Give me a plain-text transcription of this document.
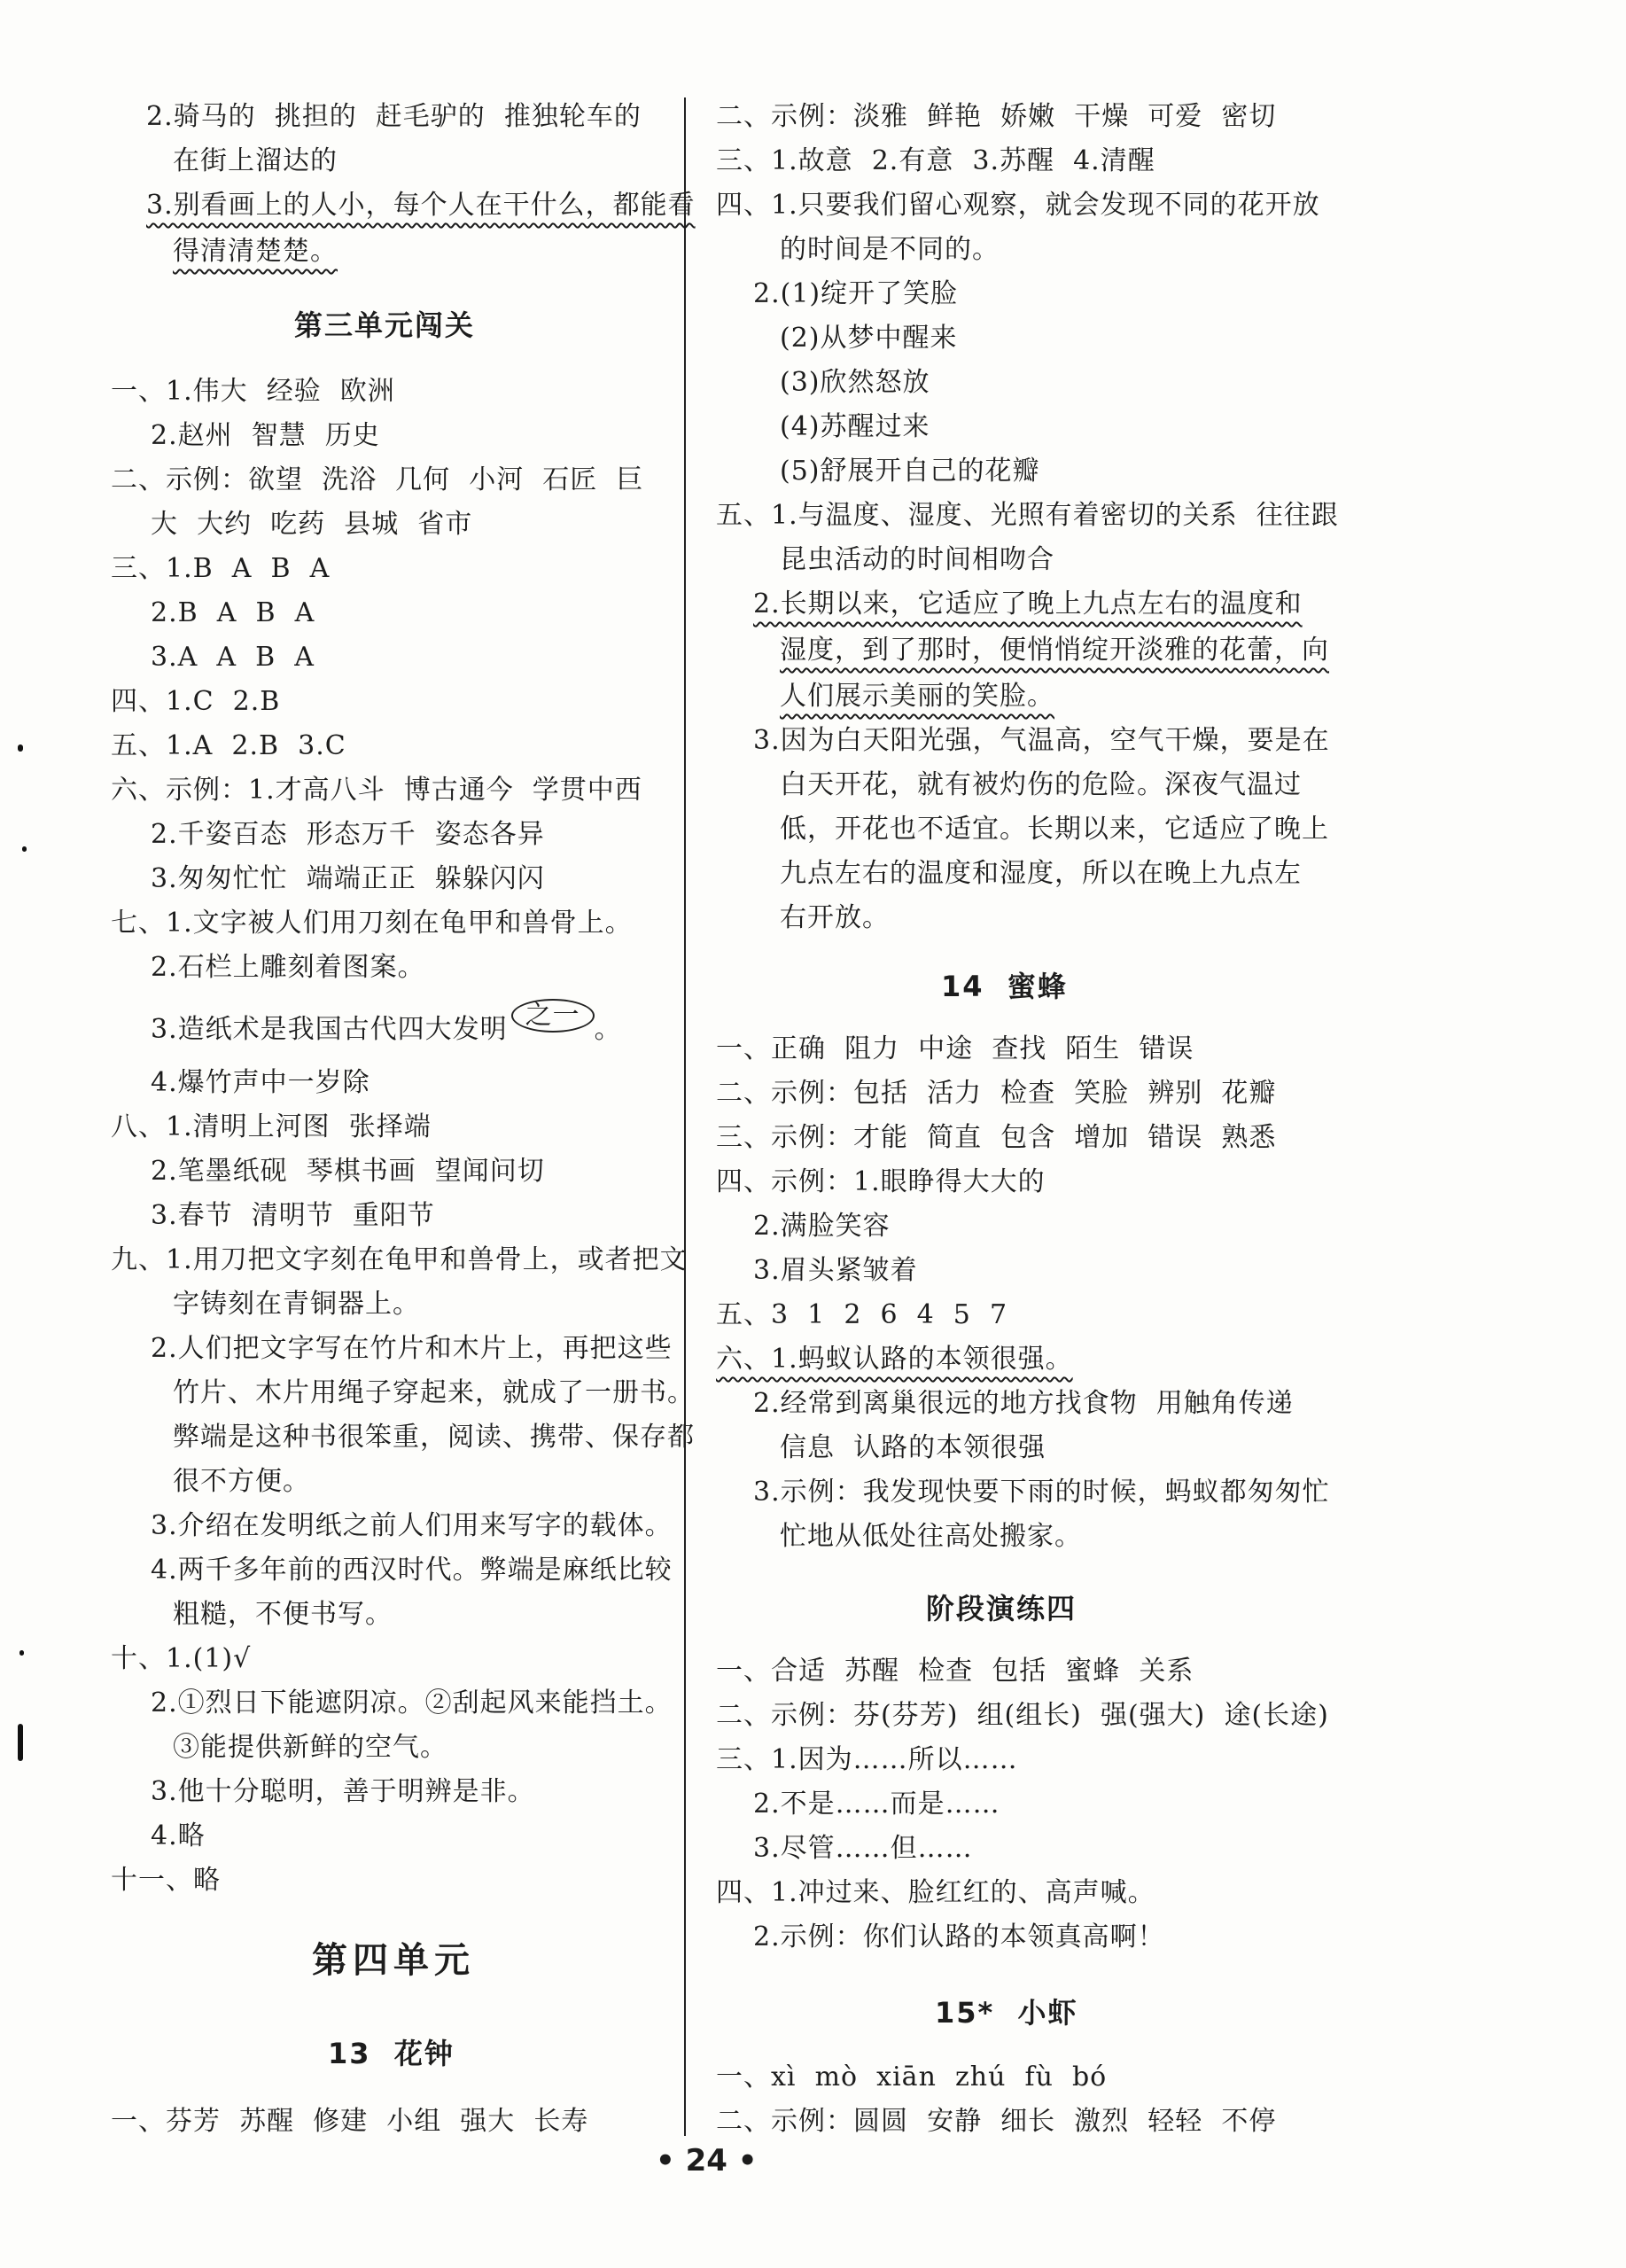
2.骑马的  挑担的  赶毛驴的  推独轮车的
在街上溜达的
3.别看画上的人小，每个人在干什么，都能看
得清清楚楚。
第三单元闯关
一、1.伟大  经验  欧洲
2.赵州  智慧  历史
二、示例：欲望  洗浴  几何  小河  石匠  巨
大  大约  吃药  县城  省市
三、1.B  A  B  A
2.B  A  B  A
3.A  A  B  A
四、1.C  2.B
五、1.A  2.B  3.C
六、示例：1.才高八斗  博古通今  学贯中西
2.千姿百态  形态万千  姿态各异
3.匆匆忙忙  端端正正  躲躲闪闪
七、1.文字被人们用刀刻在龟甲和兽骨上。
2.石栏上雕刻着图案。
3.造纸术是我国古代四大发明 之一 。
4.爆竹声中一岁除
八、1.清明上河图  张择端
2.笔墨纸砚  琴棋书画  望闻问切
3.春节  清明节  重阳节
九、1.用刀把文字刻在龟甲和兽骨上，或者把文
字铸刻在青铜器上。
2.人们把文字写在竹片和木片上，再把这些
竹片、木片用绳子穿起来，就成了一册书。
弊端是这种书很笨重，阅读、携带、保存都
很不方便。
3.介绍在发明纸之前人们用来写字的载体。
4.两千多年前的西汉时代。弊端是麻纸比较
粗糙，不便书写。
十、1.(1)√
2.①烈日下能遮阴凉。②刮起风来能挡土。
③能提供新鲜的空气。
3.他十分聪明，善于明辨是非。
4.略
十一、略
第四单元
13  花钟
一、芬芳  苏醒  修建  小组  强大  长寿
二、示例：淡雅  鲜艳  娇嫩  干燥  可爱  密切
三、1.故意  2.有意  3.苏醒  4.清醒
四、1.只要我们留心观察，就会发现不同的花开放
的时间是不同的。
2.(1)绽开了笑脸
(2)从梦中醒来
(3)欣然怒放
(4)苏醒过来
(5)舒展开自己的花瓣
五、1.与温度、湿度、光照有着密切的关系  往往跟
昆虫活动的时间相吻合
2.长期以来，它适应了晚上九点左右的温度和
湿度，到了那时，便悄悄绽开淡雅的花蕾，向
人们展示美丽的笑脸。
3.因为白天阳光强，气温高，空气干燥，要是在
白天开花，就有被灼伤的危险。深夜气温过
低，开花也不适宜。长期以来，它适应了晚上
九点左右的温度和湿度，所以在晚上九点左
右开放。
14  蜜蜂
一、正确  阻力  中途  查找  陌生  错误
二、示例：包括  活力  检查  笑脸  辨别  花瓣
三、示例：才能  简直  包含  增加  错误  熟悉
四、示例：1.眼睁得大大的
2.满脸笑容
3.眉头紧皱着
五、3  1  2  6  4  5  7
六、1.蚂蚁认路的本领很强。
2.经常到离巢很远的地方找食物  用触角传递
信息  认路的本领很强
3.示例：我发现快要下雨的时候，蚂蚁都匆匆忙
忙地从低处往高处搬家。
阶段演练四
一、合适  苏醒  检查  包括  蜜蜂  关系
二、示例：芬(芬芳)  组(组长)  强(强大)  途(长途)
三、1.因为……所以……
2.不是……而是……
3.尽管……但……
四、1.冲过来、脸红红的、高声喊。
2.示例：你们认路的本领真高啊！
15*  小虾
一、xì  mò  xiān  zhú  fù  bó
二、示例：圆圆  安静  细长  激烈  轻轻  不停
• 24 •
